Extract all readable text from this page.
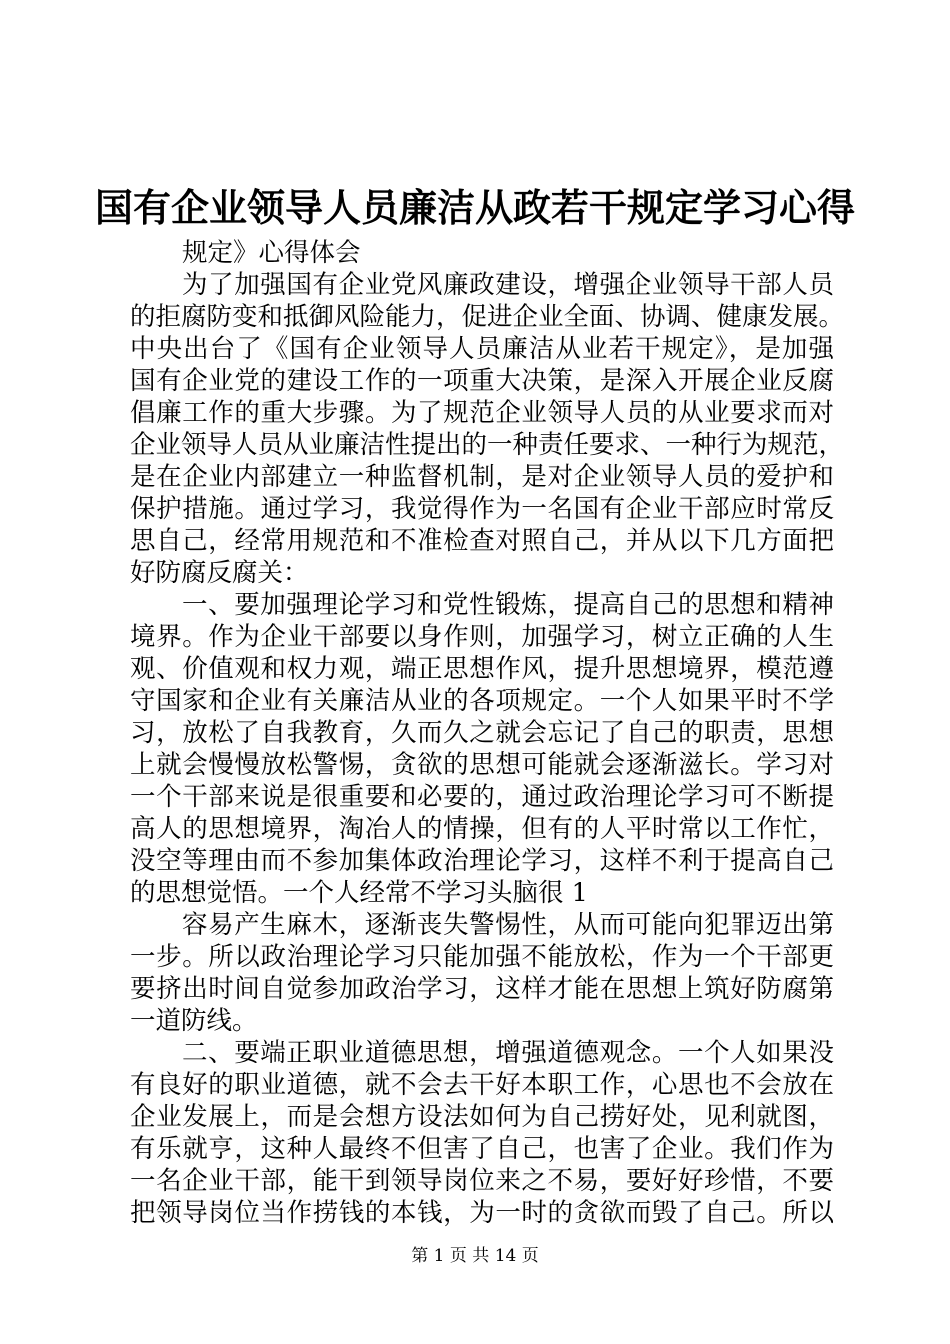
国有企业领导人员廉洁从政若干规定学习心得
规定》心得体会
为了加强国有企业党风廉政建设，增强企业领导干部人员
的拒腐防变和抵御风险能力，促进企业全面、协调、健康发展。
中央出台了《国有企业领导人员廉洁从业若干规定》，是加强
国有企业党的建设工作的一项重大决策，是深入开展企业反腐
倡廉工作的重大步骤。为了规范企业领导人员的从业要求而对
企业领导人员从业廉洁性提出的一种责任要求、一种行为规范，
是在企业内部建立一种监督机制，是对企业领导人员的爱护和
保护措施。通过学习，我觉得作为一名国有企业干部应时常反
思自己，经常用规范和不准检查对照自己，并从以下几方面把
好防腐反腐关：
一、要加强理论学习和党性锻炼，提高自己的思想和精神
境界。作为企业干部要以身作则，加强学习，树立正确的人生
观、价值观和权力观，端正思想作风，提升思想境界，模范遵
守国家和企业有关廉洁从业的各项规定。一个人如果平时不学
习，放松了自我教育，久而久之就会忘记了自己的职责，思想
上就会慢慢放松警惕，贪欲的思想可能就会逐渐滋长。学习对
一个干部来说是很重要和必要的，通过政治理论学习可不断提
高人的思想境界，淘冶人的情操，但有的人平时常以工作忙，
没空等理由而不参加集体政治理论学习，这样不利于提高自己
的思想觉悟。一个人经常不学习头脑很 1
容易产生麻木，逐渐丧失警惕性，从而可能向犯罪迈出第
一步。所以政治理论学习只能加强不能放松，作为一个干部更
要挤出时间自觉参加政治学习，这样才能在思想上筑好防腐第
一道防线。
二、要端正职业道德思想，增强道德观念。一个人如果没
有良好的职业道德，就不会去干好本职工作，心思也不会放在
企业发展上，而是会想方设法如何为自己捞好处，见利就图，
有乐就亨，这种人最终不但害了自己，也害了企业。我们作为
一名企业干部，能干到领导岗位来之不易，要好好珍惜，不要
把领导岗位当作捞钱的本钱，为一时的贪欲而毁了自己。所以
第 1 页 共 14 页
